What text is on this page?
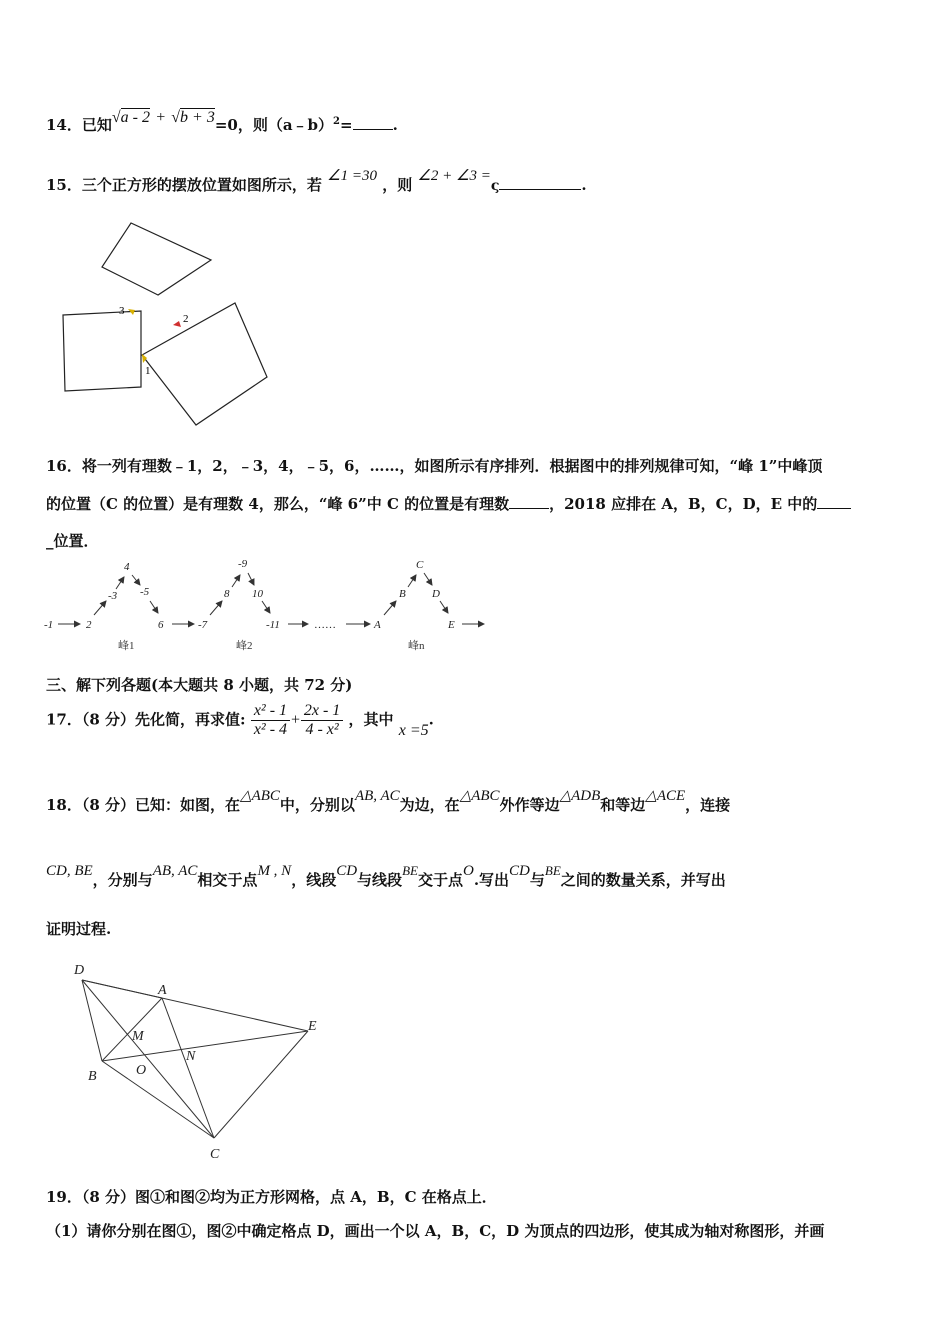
14．已知√a - 2 + √b + 3=0，则（a﹣b）$^2$=	.
15．三个正方形的摆放位置如图所示，若 ∠1 =30 ，则 ∠2 + ∠3 =ς	.
3
2
1
16．将一列有理数﹣1，2，﹣3，4，﹣5，6，……，如图所示有序排列．根据图中的排列规律可知，“峰 1”中峰顶
的位置（C 的位置）是有理数 4，那么，“峰 6”中 C 的位置是有理数	，2018 应排在 A，B，C，D，E 中的
_位置．
-1	2
-3
4
-5
6	-7
8
-9
10
-11	……	A
B
C
D
E
峰1	峰2	峰n
三、解下列各题(本大题共 8 小题，共 72 分)
17．（8 分）先化简，再求值: $\frac{\text{x² - 1}}{\text{x² - 4}} + \frac{2x - 1}{\text{4 - x²}}$ ，其中 x =5.
18．（8 分）已知：如图，在△ABC中，分别以AB, AC为边，在△ABC外作等边△ADB和等边△ACE，连接
CD, BE，分别与AB, AC相交于点M , N，线段CD与线段BE交于点O.写出CD与BE之间的数量关系，并写出
证明过程.
D
A
E
M
N
B	O
C
19．（8 分）图①和图②均为正方形网格，点 A，B，C 在格点上．
（1）请你分别在图①，图②中确定格点 D，画出一个以 A，B，C，D 为顶点的四边形，使其成为轴对称图形，并画
